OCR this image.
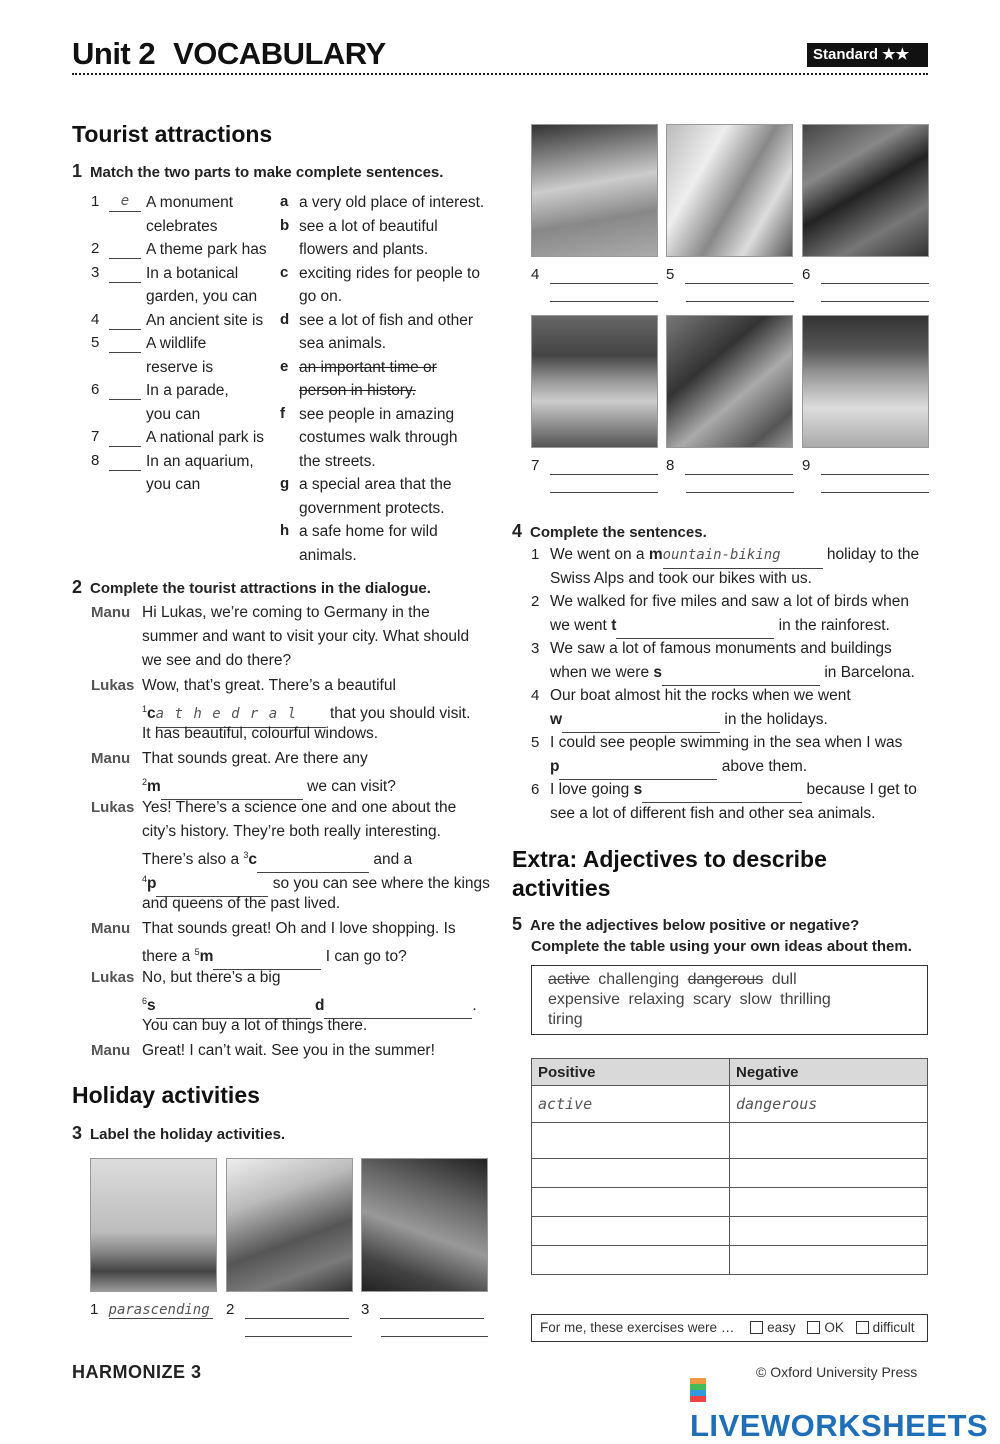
Unit 2 VOCABULARY	Standard ★★
Tourist attractions
1 Match the two parts to make complete sentences.
1	e	A monument
celebrates
2	A theme park has
3	In a botanical
garden, you can
4	An ancient site is
5	A wildlife
reserve is
6	In a parade,
you can
7	A national park is
8	In an aquarium,
you can
a a very old place of interest.
b see a lot of beautiful
flowers and plants.
c exciting rides for people to
go on.
d see a lot of fish and other
sea animals.
e an important time or
person in history.
f see people in amazing
costumes walk through
the streets.
g a special area that the
government protects.
h a safe home for wild
animals.
2 Complete the tourist attractions in the dialogue.
Manu Hi Lukas, we’re coming to Germany in the
summer and want to visit your city. What should
we see and do there?
Lukas Wow, that’s great. There’s a beautiful
$^1$ca t h e d r a l that you should visit.
It has beautiful, colourful windows.
Manu That sounds great. Are there any
$^2$m	we can visit?
Lukas Yes! There’s a science one and one about the
city’s history. They’re both really interesting.
There’s also a $^3$c	and a
$^4$p	so you can see where the kings
and queens of the past lived.
Manu That sounds great! Oh and I love shopping. Is
there a $^5$m	I can go to?
Lukas No, but there’s a big
$^6$s	d	.
You can buy a lot of things there.
Manu Great! I can’t wait. See you in the summer!
Holiday activities
3 Label the holiday activities.
1 parascending 2	3
4	5	6
7	8	9
4 Complete the sentences.
1 We went on a mountain-biking	holiday to the
Swiss Alps and took our bikes with us.
2 We walked for five miles and saw a lot of birds when
we went t	in the rainforest.
3 We saw a lot of famous monuments and buildings
when we were s	in Barcelona.
4 Our boat almost hit the rocks when we went
w	in the holidays.
5 I could see people swimming in the sea when I was
p	above them.
6 I love going s	because I get to
see a lot of different fish and other sea animals.
Extra: Adjectives to describe
activities
5 Are the adjectives below positive or negative?
Complete the table using your own ideas about them.
active challenging dangerous dull
expensive relaxing scary slow thrilling
tiring
Positive	Negative
active	dangerous

For me, these exercises were … easy OK difficult
HARMONIZE 3	© Oxford University Press
LIVEWORKSHEETS
